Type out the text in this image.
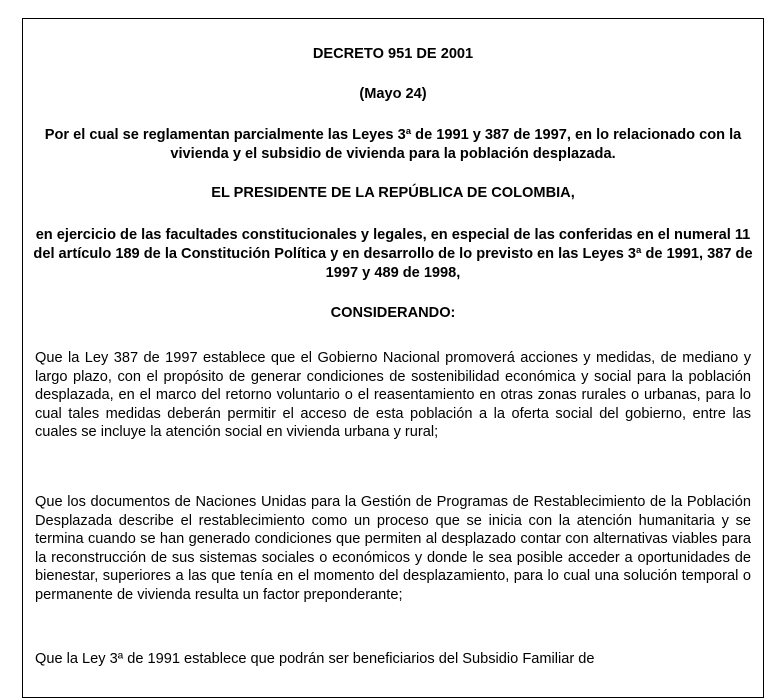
DECRETO 951 DE 2001
(Mayo 24)
Por el cual se reglamentan parcialmente las Leyes 3ª de 1991 y 387 de 1997, en lo relacionado con la vivienda y el subsidio de vivienda para la población desplazada.
EL PRESIDENTE DE LA REPÚBLICA DE COLOMBIA,
en ejercicio de las facultades constitucionales y legales, en especial de las conferidas en el numeral 11 del artículo 189 de la Constitución Política y en desarrollo de lo previsto en las Leyes 3ª de 1991, 387 de 1997 y 489 de 1998,
CONSIDERANDO:
Que la Ley 387 de 1997 establece que el Gobierno Nacional promoverá acciones y medidas, de mediano y largo plazo, con el propósito de generar condiciones de sostenibilidad económica y social para la población desplazada, en el marco del retorno voluntario o el reasentamiento en otras zonas rurales o urbanas, para lo cual tales medidas deberán permitir el acceso de esta población a la oferta social del gobierno, entre las cuales se incluye la atención social en vivienda urbana y rural;
Que los documentos de Naciones Unidas para la Gestión de Programas de Restablecimiento de la Población Desplazada describe el restablecimiento como un proceso que se inicia con la atención humanitaria y se termina cuando se han generado condiciones que permiten al desplazado contar con alternativas viables para la reconstrucción de sus sistemas sociales o económicos y donde le sea posible acceder a oportunidades de bienestar, superiores a las que tenía en el momento del desplazamiento, para lo cual una solución temporal o permanente de vivienda resulta un factor preponderante;
Que la Ley 3ª de 1991 establece que podrán ser beneficiarios del Subsidio Familiar de
